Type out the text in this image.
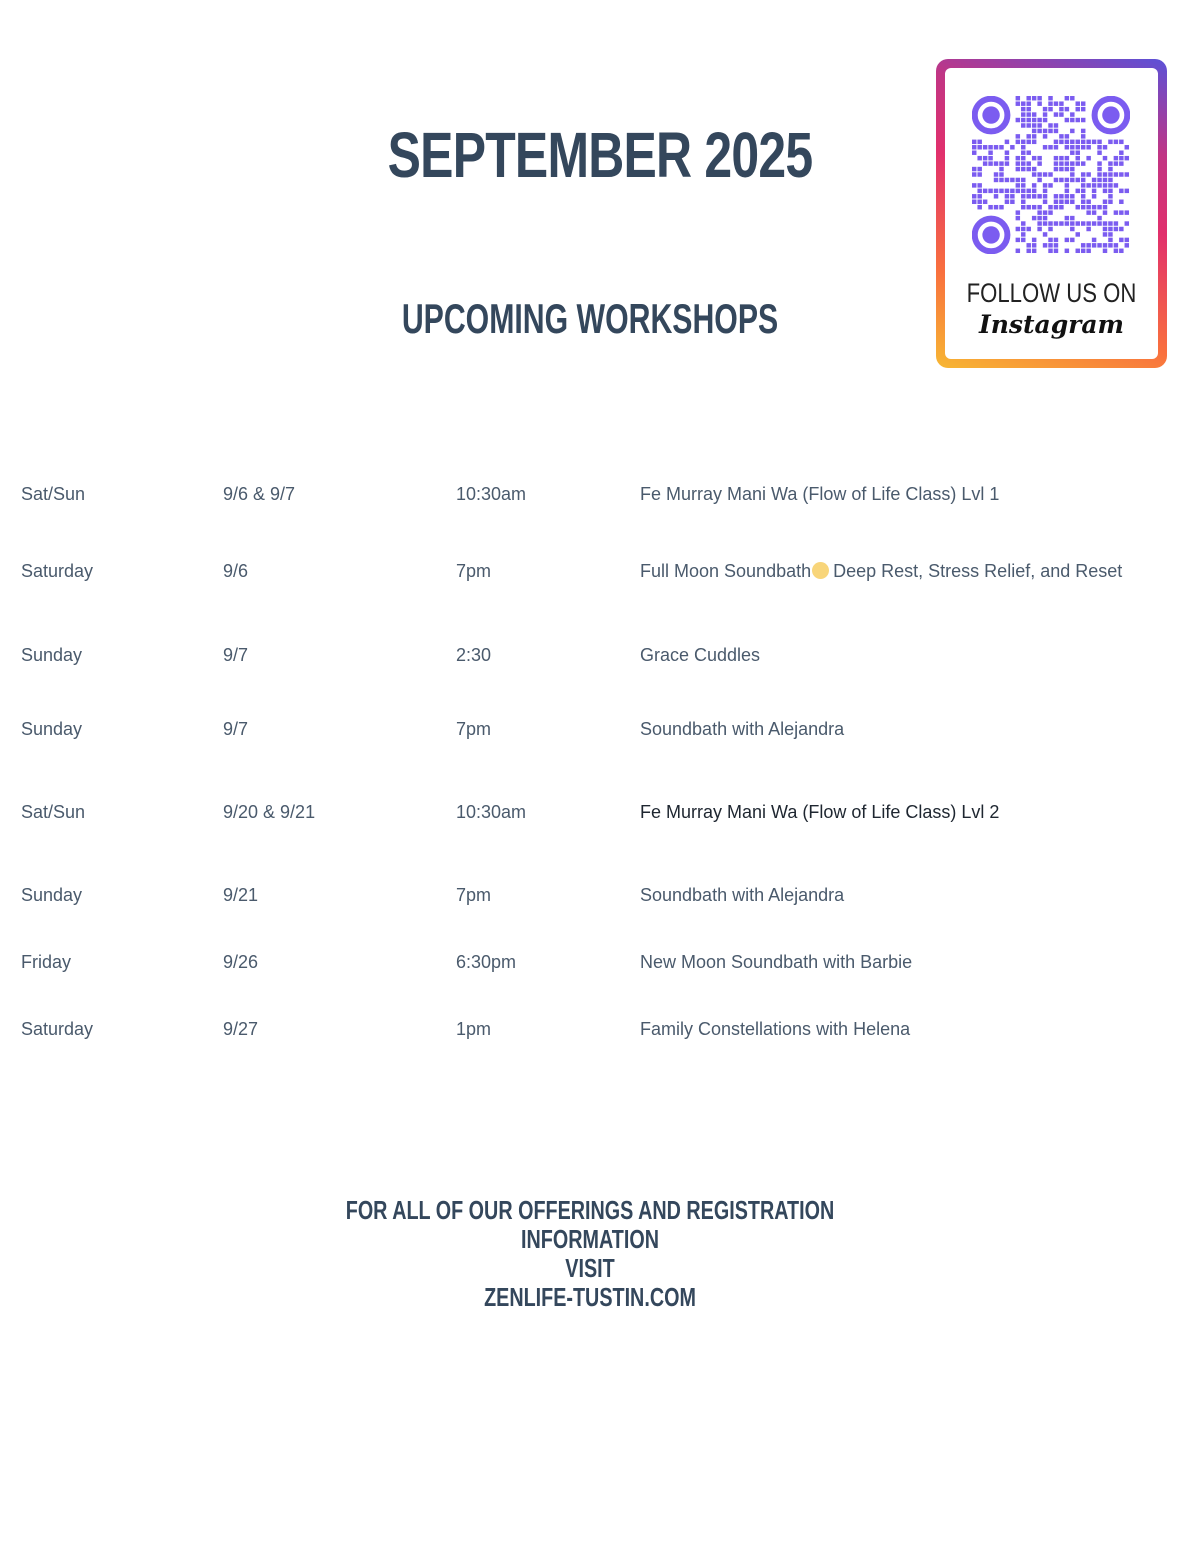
SEPTEMBER 2025
UPCOMING WORKSHOPS
FOLLOW US ON
Instagram
Sat/Sun	9/6 & 9/7	10:30am	Fe Murray Mani Wa (Flow of Life Class) Lvl 1
Saturday	9/6	7pm	Full Moon Soundbath Deep Rest, Stress Relief, and Reset
Sunday	9/7	2:30	Grace Cuddles
Sunday	9/7	7pm	Soundbath with Alejandra
Sat/Sun	9/20 & 9/21	10:30am	Fe Murray Mani Wa (Flow of Life Class) Lvl 2
Sunday	9/21	7pm	Soundbath with Alejandra
Friday	9/26	6:30pm	New Moon Soundbath with Barbie
Saturday	9/27	1pm	Family Constellations with Helena
FOR ALL OF OUR OFFERINGS AND REGISTRATION INFORMATION
VISIT
ZENLIFE-TUSTIN.COM
